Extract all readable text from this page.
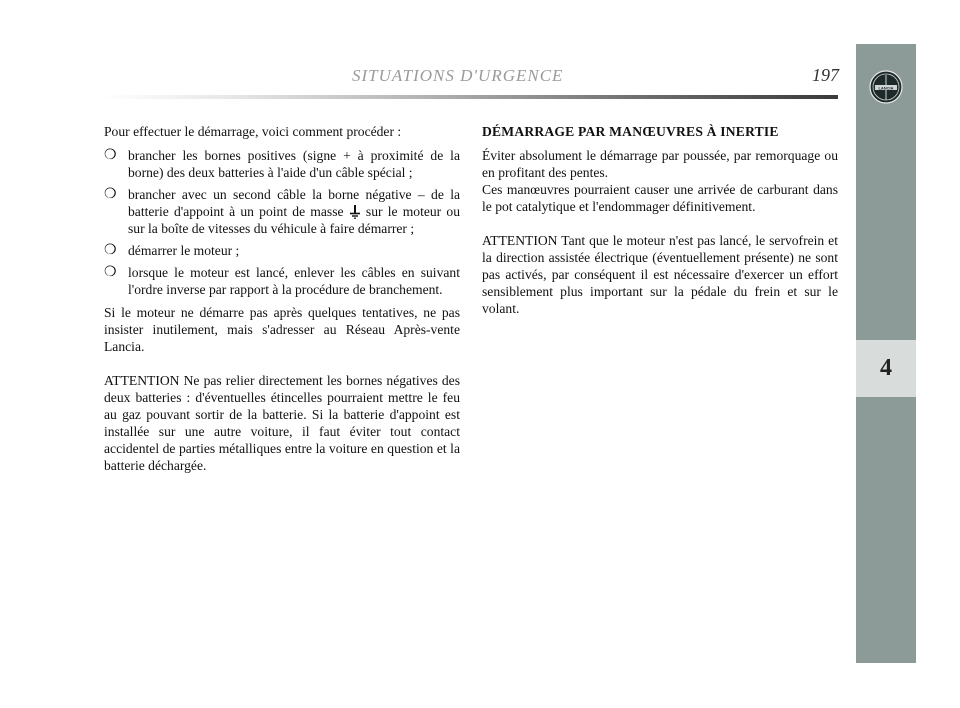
SITUATIONS D'URGENCE	197
LANCIA
4

Pour effectuer le démarrage, voici comment procéder :

❍ brancher les bornes positives (signe + à proximité de la borne) des deux batteries à l'aide d'un câble spécial ;
❍ brancher avec un second câble la borne négative – de la batterie d'appoint à un point de masse sur le moteur ou sur la boîte de vitesses du véhicule à faire démarrer ;
❍ démarrer le moteur ;
❍ lorsque le moteur est lancé, enlever les câbles en suivant l'ordre inverse par rapport à la procédure de branchement.

Si le moteur ne démarre pas après quelques tentatives, ne pas insister inutilement, mais s'adresser au Réseau Après-vente Lancia.

ATTENTION Ne pas relier directement les bornes négatives des deux batteries : d'éventuelles étincelles pourraient mettre le feu au gaz pouvant sortir de la batterie. Si la batterie d'appoint est installée sur une autre voiture, il faut éviter tout contact accidentel de parties métalliques entre la voiture en question et la batterie déchargée.

DÉMARRAGE PAR MANŒUVRES À INERTIE

Éviter absolument le démarrage par poussée, par remorquage ou en profitant des pentes.

Ces manœuvres pourraient causer une arrivée de carburant dans le pot catalytique et l'endommager définitivement.

ATTENTION Tant que le moteur n'est pas lancé, le servofrein et la direction assistée électrique (éventuellement présente) ne sont pas activés, par conséquent il est nécessaire d'exercer un effort sensiblement plus important sur la pédale du frein et sur le volant.
